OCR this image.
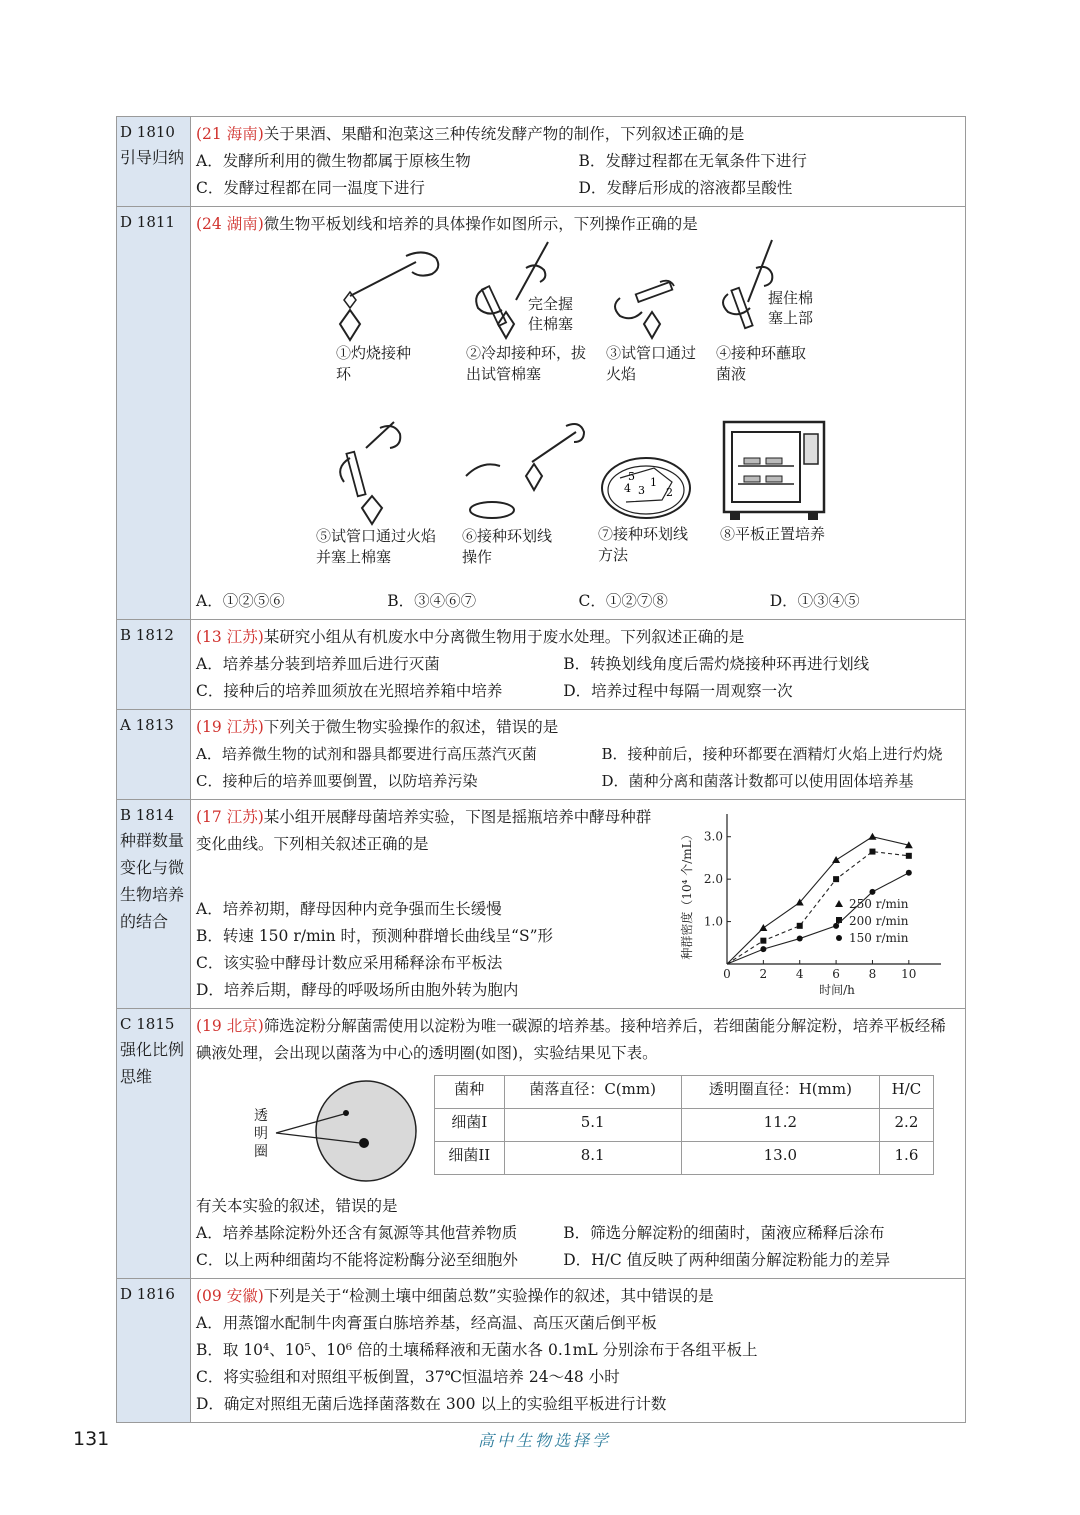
D 1810
引导归纳

(21 海南)关于果酒、果醋和泡菜这三种传统发酵产物的制作，下列叙述正确的是
A．发酵所利用的微生物都属于原核生物	B．发酵过程都在无氧条件下进行
C．发酵过程都在同一温度下进行	D．发酵后形成的溶液都呈酸性

D 1811	(24 湖南)微生物平板划线和培养的具体操作如图所示，下列操作正确的是
①灼烧接种环
完全握住棉塞
②冷却接种环，拔出试管棉塞
③试管口通过火焰
握住棉塞上部
④接种环蘸取菌液
⑤试管口通过火焰并塞上棉塞
⑥接种环划线操作
4 3
1
2
5
⑦接种环划线方法
⑧平板正置培养
A．①②⑤⑥	B．③④⑥⑦	C．①②⑦⑧	D．①③④⑤

B 1812	(13 江苏)某研究小组从有机废水中分离微生物用于废水处理。下列叙述正确的是
A．培养基分装到培养皿后进行灭菌	B．转换划线角度后需灼烧接种环再进行划线
C．接种后的培养皿须放在光照培养箱中培养	D．培养过程中每隔一周观察一次

A 1813	(19 江苏)下列关于微生物实验操作的叙述，错误的是
A．培养微生物的试剂和器具都要进行高压蒸汽灭菌	B．接种前后，接种环都要在酒精灯火焰上进行灼烧
C．接种后的培养皿要倒置，以防培养污染	D．菌种分离和菌落计数都可以使用固体培养基

B 1814
种群数量变化与微生物培养的结合

(17 江苏)某小组开展酵母菌培养实验，下图是摇瓶培养中酵母种群变化曲线。下列相关叙述正确的是
A．培养初期，酵母因种内竞争强而生长缓慢
B．转速 150 r/min 时，预测种群增长曲线呈“S”形
C．该实验中酵母计数应采用稀释涂布平板法
D．培养后期，酵母的呼吸场所由胞外转为胞内
0 2 4 6 8 10
1.0
2.0
3.0
时间/h
种群密度（10⁴ 个/mL）	250 r/min
200 r/min
150 r/min

C 1815
强化比例思维

(19 北京)筛选淀粉分解菌需使用以淀粉为唯一碳源的培养基。接种培养后，若细菌能分解淀粉，培养平板经稀碘液处理，会出现以菌落为中心的透明圈(如图)，实验结果见下表。
透明圈
菌种	菌落直径：C(mm)	透明圈直径：H(mm)	H/C
细菌I	5.1	11.2	2.2
细菌II	8.1	13.0	1.6
有关本实验的叙述，错误的是
A．培养基除淀粉外还含有氮源等其他营养物质	B．筛选分解淀粉的细菌时，菌液应稀释后涂布
C．以上两种细菌均不能将淀粉酶分泌至细胞外	D．H/C 值反映了两种细菌分解淀粉能力的差异

D 1816	(09 安徽)下列是关于“检测土壤中细菌总数”实验操作的叙述，其中错误的是
A．用蒸馏水配制牛肉膏蛋白胨培养基，经高温、高压灭菌后倒平板
B．取 10⁴、10⁵、10⁶ 倍的土壤稀释液和无菌水各 0.1mL 分别涂布于各组平板上
C．将实验组和对照组平板倒置，37℃恒温培养 24～48 小时
D．确定对照组无菌后选择菌落数在 300 以上的实验组平板进行计数
131	高中生物选择学
